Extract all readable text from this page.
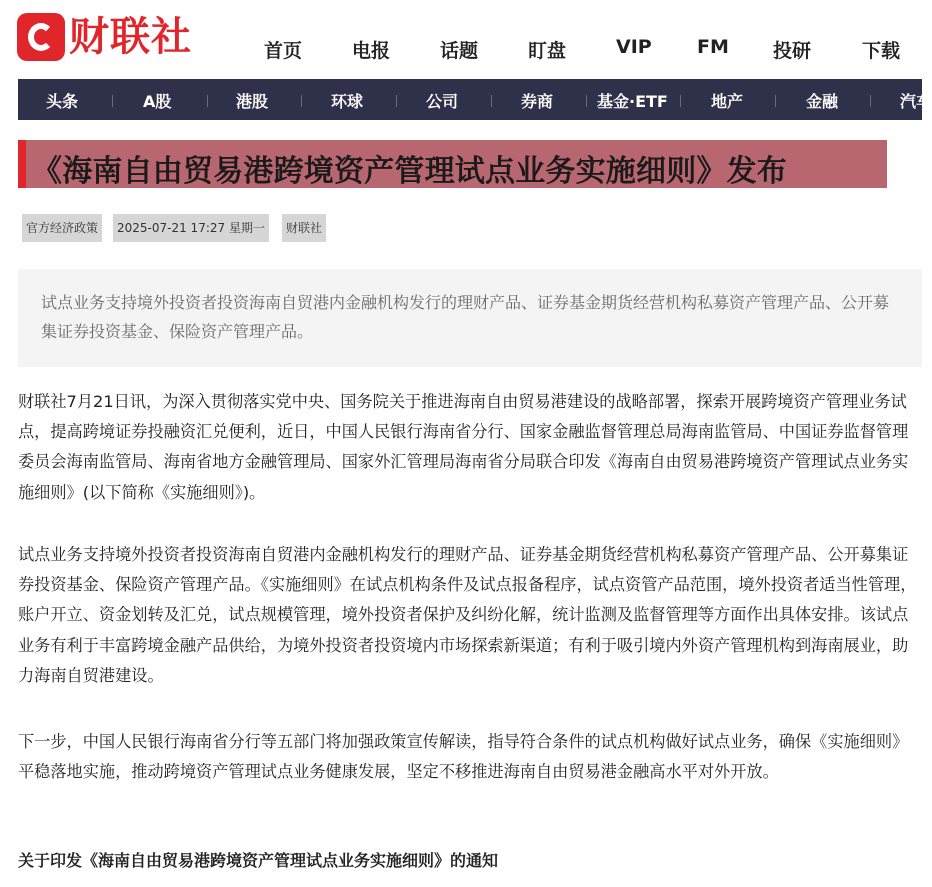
财联社	首页	电报	话题	盯盘	VIP FM 投研	下载
头条	A股	港股	环球	公司	券商	基金·ETF	地产	金融	汽车
《海南自由贸易港跨境资产管理试点业务实施细则》发布
官方经济政策	2025-07-21 17:27 星期一	财联社

试点业务支持境外投资者投资海南自贸港内金融机构发行的理财产品、证券基金期货经营机构私募资产管理产品、公开募集证券投资基金、保险资产管理产品。

财联社7月21日讯，为深入贯彻落实党中央、国务院关于推进海南自由贸易港建设的战略部署，探索开展跨境资产管理业务试点，提高跨境证券投融资汇兑便利，近日，中国人民银行海南省分行、国家金融监督管理总局海南监管局、中国证券监督管理委员会海南监管局、海南省地方金融管理局、国家外汇管理局海南省分局联合印发《海南自由贸易港跨境资产管理试点业务实施细则》(以下简称《实施细则》)。

试点业务支持境外投资者投资海南自贸港内金融机构发行的理财产品、证券基金期货经营机构私募资产管理产品、公开募集证券投资基金、保险资产管理产品。《实施细则》在试点机构条件及试点报备程序，试点资管产品范围，境外投资者适当性管理，账户开立、资金划转及汇兑，试点规模管理，境外投资者保护及纠纷化解，统计监测及监督管理等方面作出具体安排。该试点业务有利于丰富跨境金融产品供给，为境外投资者投资境内市场探索新渠道；有利于吸引境内外资产管理机构到海南展业，助力海南自贸港建设。

下一步，中国人民银行海南省分行等五部门将加强政策宣传解读，指导符合条件的试点机构做好试点业务，确保《实施细则》平稳落地实施，推动跨境资产管理试点业务健康发展，坚定不移推进海南自由贸易港金融高水平对外开放。

关于印发《海南自由贸易港跨境资产管理试点业务实施细则》的通知
